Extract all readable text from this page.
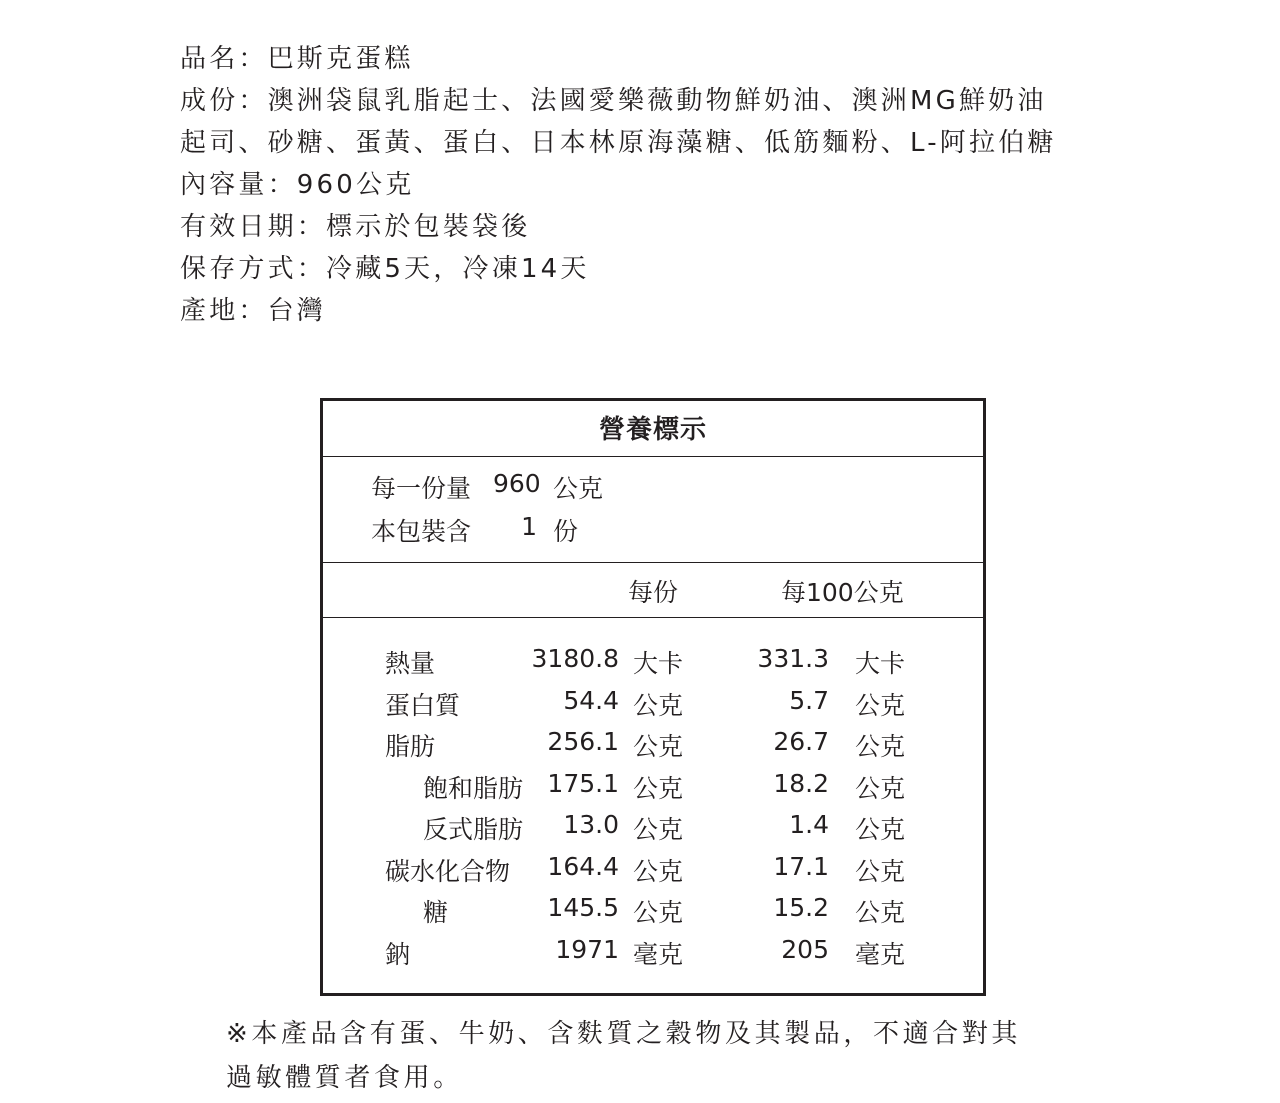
品名：巴斯克蛋糕
成份：澳洲袋鼠乳脂起士、法國愛樂薇動物鮮奶油、澳洲MG鮮奶油
起司、砂糖、蛋黃、蛋白、日本林原海藻糖、低筋麵粉、L-阿拉伯糖
內容量：960公克
有效日期：標示於包裝袋後
保存方式：冷藏5天，冷凍14天
產地：台灣
營養標示
每一份量 960 公克
本包裝含	1 份
每份	每100公克
熱量	3180.8 大卡	331.3 大卡
蛋白質	54.4 公克	5.7 公克
脂肪	256.1 公克	26.7 公克
飽和脂肪 175.1 公克	18.2 公克
反式脂肪	13.0 公克	1.4 公克
碳水化合物	164.4 公克	17.1 公克
糖	145.5 公克	15.2 公克
鈉	1971 毫克	205 毫克
※本產品含有蛋、牛奶、含麩質之穀物及其製品，不適合對其
過敏體質者食用。
